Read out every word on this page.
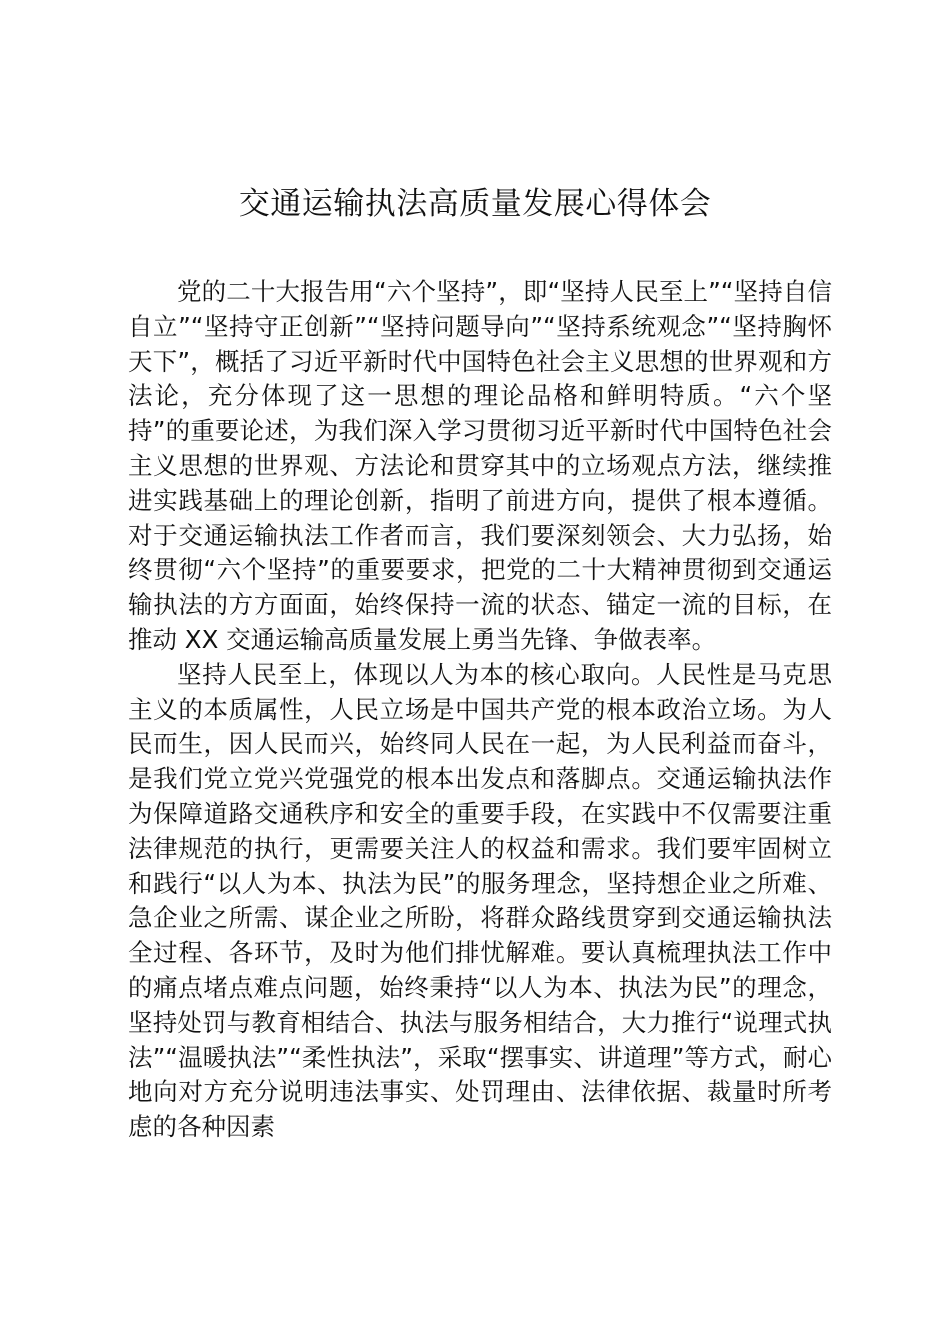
交通运输执法高质量发展心得体会

党的二十大报告用“六个坚持”，即“坚持人民至上”“坚持自信自立”“坚持守正创新”“坚持问题导向”“坚持系统观念”“坚持胸怀天下”，概括了习近平新时代中国特色社会主义思想的世界观和方法论，充分体现了这一思想的理论品格和鲜明特质。“六个坚持”的重要论述，为我们深入学习贯彻习近平新时代中国特色社会主义思想的世界观、方法论和贯穿其中的立场观点方法，继续推进实践基础上的理论创新，指明了前进方向，提供了根本遵循。对于交通运输执法工作者而言，我们要深刻领会、大力弘扬，始终贯彻“六个坚持”的重要要求，把党的二十大精神贯彻到交通运输执法的方方面面，始终保持一流的状态、锚定一流的目标，在推动 XX 交通运输高质量发展上勇当先锋、争做表率。

坚持人民至上，体现以人为本的核心取向。人民性是马克思主义的本质属性，人民立场是中国共产党的根本政治立场。为人民而生，因人民而兴，始终同人民在一起，为人民利益而奋斗，是我们党立党兴党强党的根本出发点和落脚点。交通运输执法作为保障道路交通秩序和安全的重要手段，在实践中不仅需要注重法律规范的执行，更需要关注人的权益和需求。我们要牢固树立和践行“以人为本、执法为民”的服务理念，坚持想企业之所难、急企业之所需、谋企业之所盼，将群众路线贯穿到交通运输执法全过程、各环节，及时为他们排忧解难。要认真梳理执法工作中的痛点堵点难点问题，始终秉持“以人为本、执法为民”的理念，坚持处罚与教育相结合、执法与服务相结合，大力推行“说理式执法”“温暖执法”“柔性执法”，采取“摆事实、讲道理”等方式，耐心地向对方充分说明违法事实、处罚理由、法律依据、裁量时所考虑的各种因素
